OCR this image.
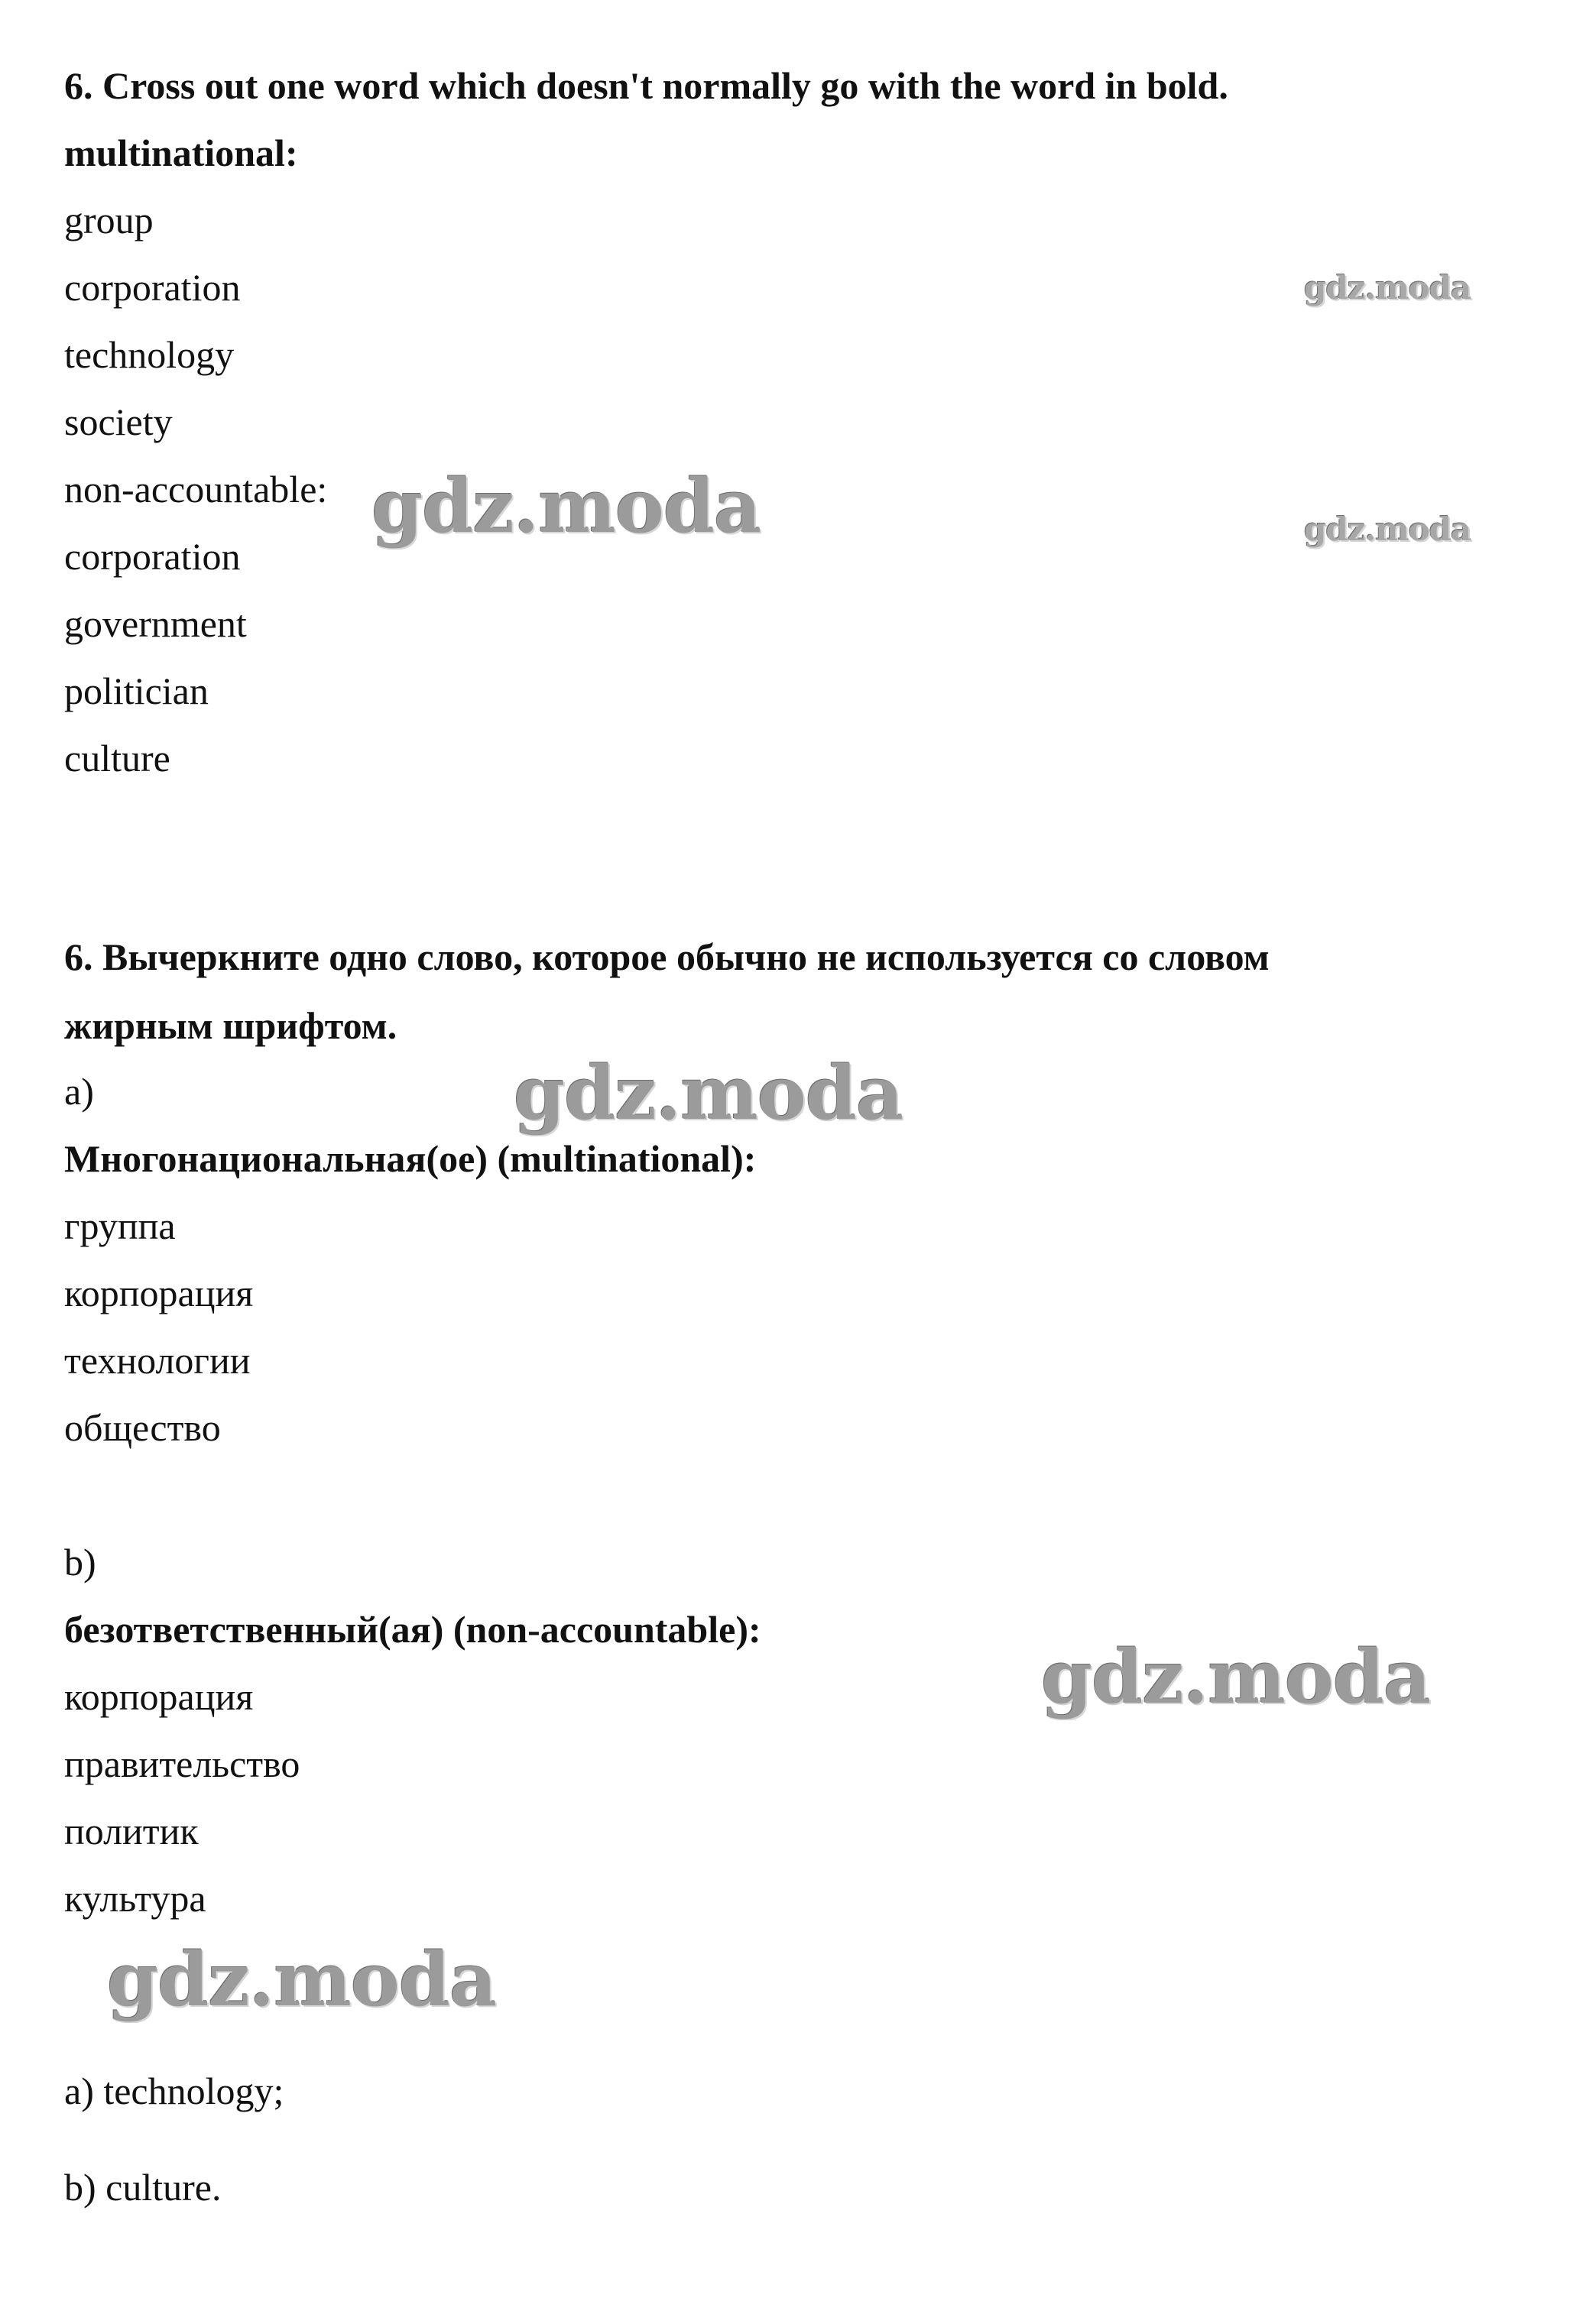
6. Cross out one word which doesn't normally go with the word in bold.
multinational:
group
corporation
technology
society
non-accountable:
corporation
government
politician
culture
6. Вычеркните одно слово, которое обычно не используется со словом
жирным шрифтом.
a)
Многонациональная(ое) (multinational):
группа
корпорация
технологии
общество
b)
безответственный(ая) (non-accountable):
корпорация
правительство
политик
культура
a) technology;
b) culture.
gdz.moda
gdz.moda
gdz.moda
gdz.moda
gdz.moda
gdz.moda
